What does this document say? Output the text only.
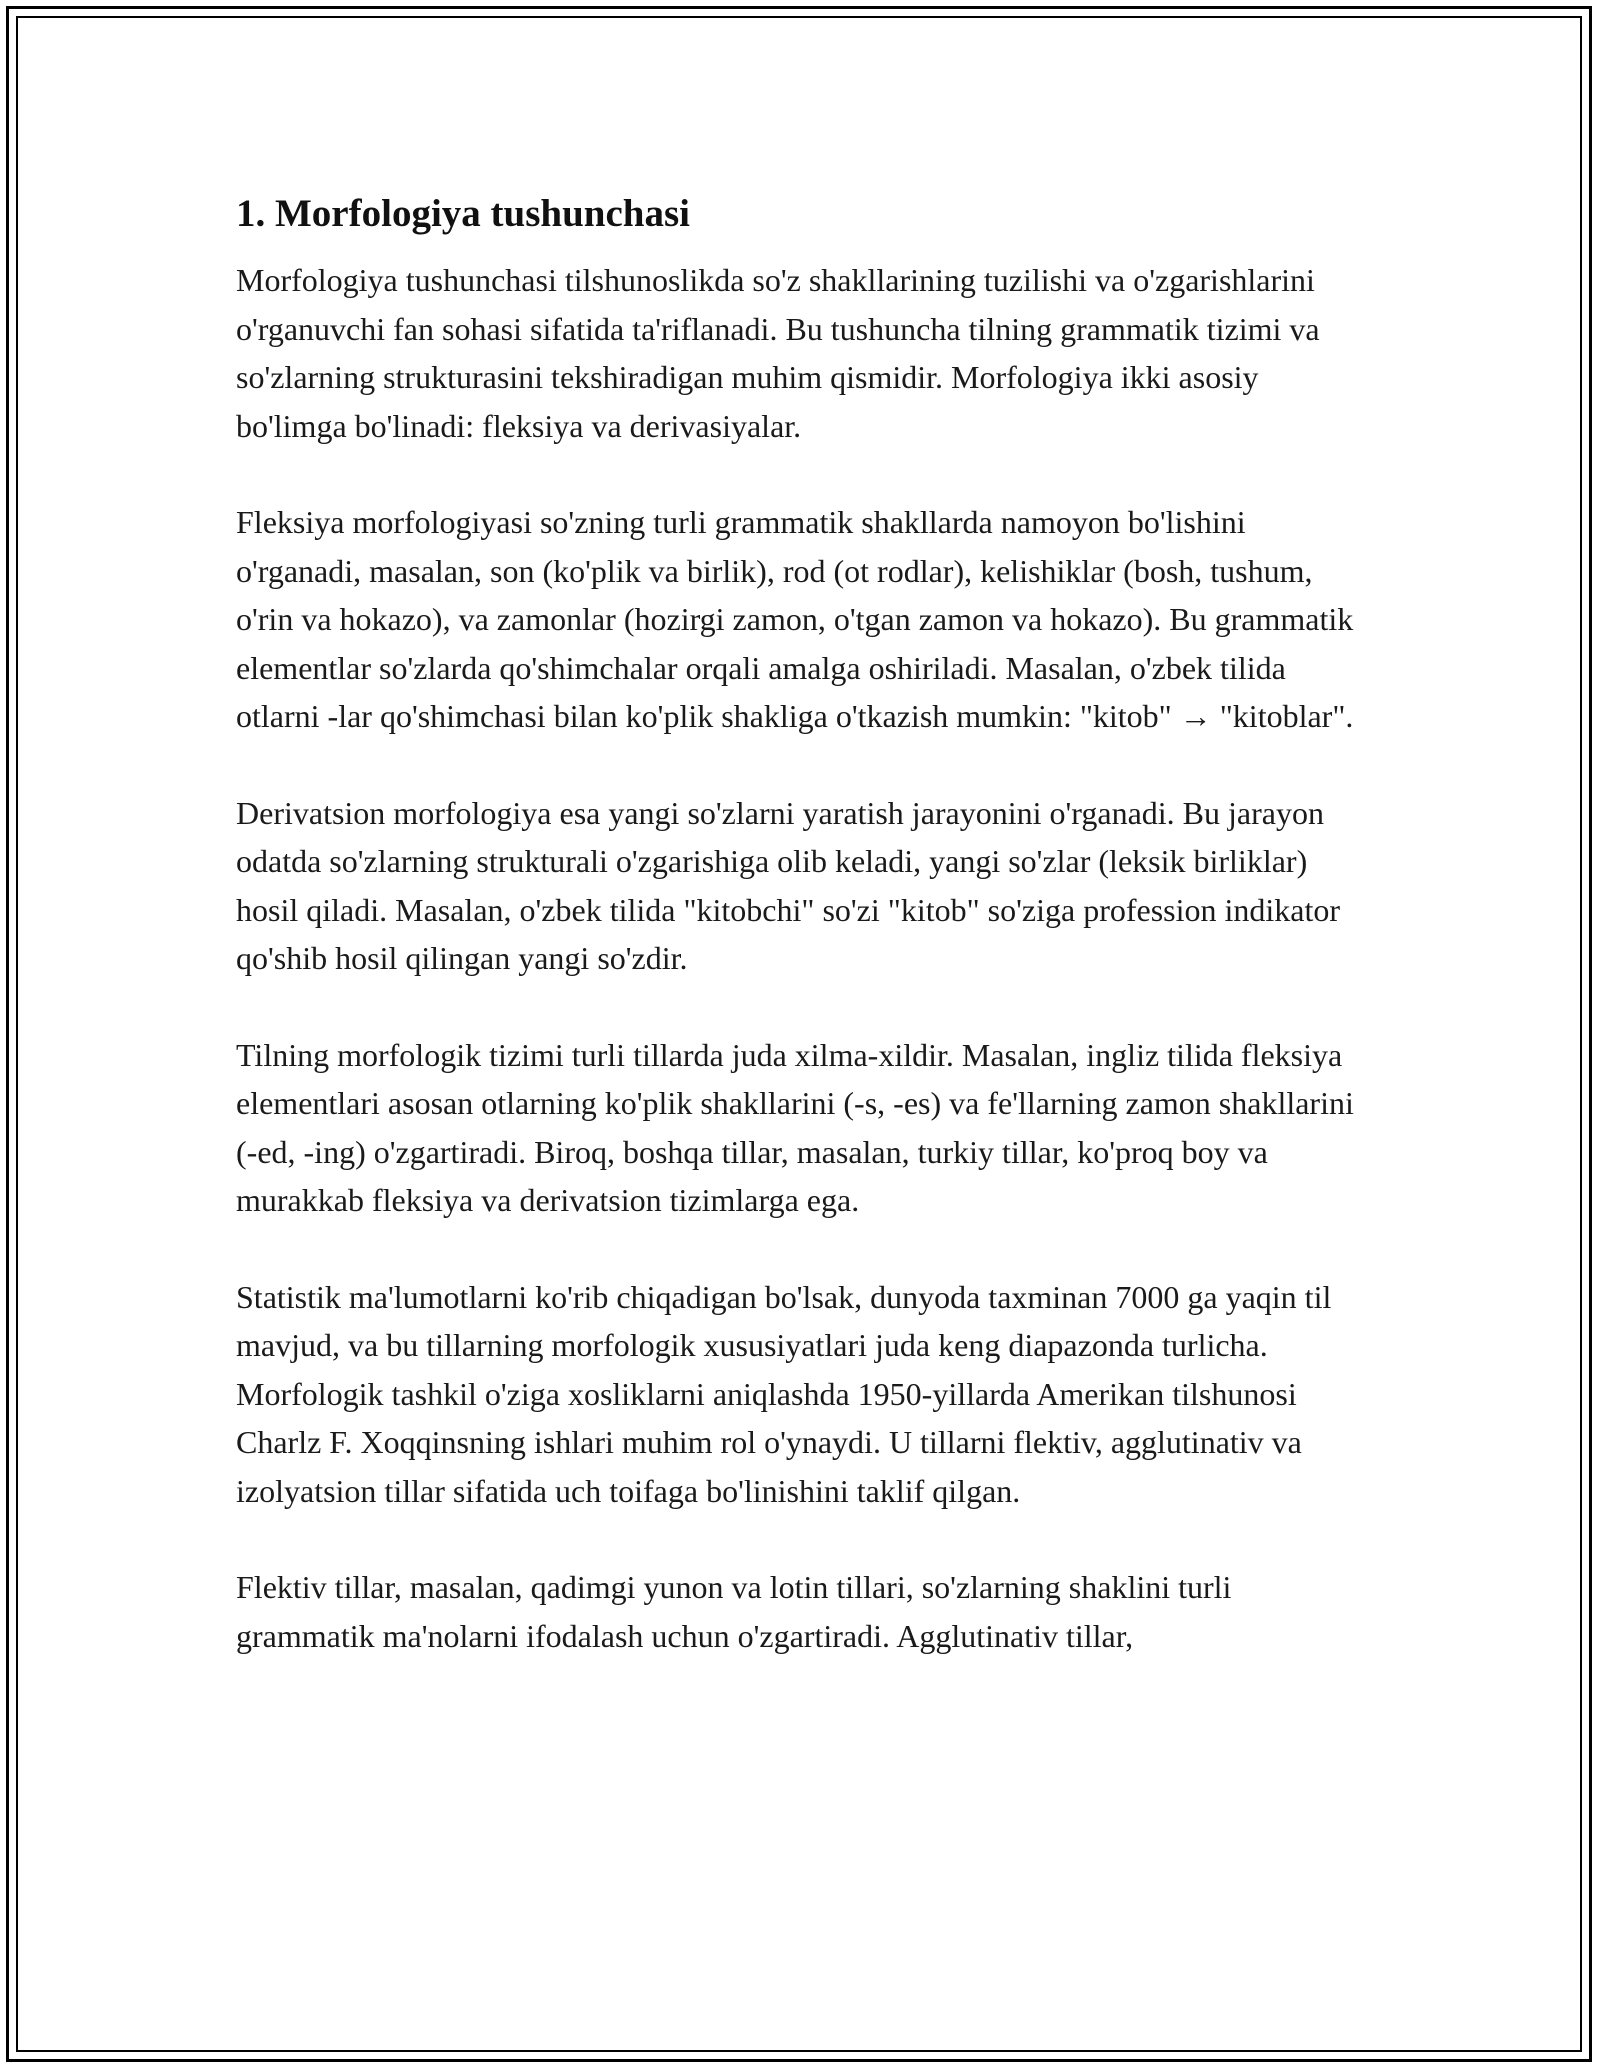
1. Morfologiya tushunchasi

Morfologiya tushunchasi tilshunoslikda so'z shakllarining tuzilishi va o'zgarishlarini o'rganuvchi fan sohasi sifatida ta'riflanadi. Bu tushuncha tilning grammatik tizimi va so'zlarning strukturasini tekshiradigan muhim qismidir. Morfologiya ikki asosiy bo'limga bo'linadi: fleksiya va derivasiyalar.

Fleksiya morfologiyasi so'zning turli grammatik shakllarda namoyon bo'lishini o'rganadi, masalan, son (ko'plik va birlik), rod (ot rodlar), kelishiklar (bosh, tushum, o'rin va hokazo), va zamonlar (hozirgi zamon, o'tgan zamon va hokazo). Bu grammatik elementlar so'zlarda qo'shimchalar orqali amalga oshiriladi. Masalan, o'zbek tilida otlarni -lar qo'shimchasi bilan ko'plik shakliga o'tkazish mumkin: "kitob" → "kitoblar".

Derivatsion morfologiya esa yangi so'zlarni yaratish jarayonini o'rganadi. Bu jarayon odatda so'zlarning strukturali o'zgarishiga olib keladi, yangi so'zlar (leksik birliklar) hosil qiladi. Masalan, o'zbek tilida "kitobchi" so'zi "kitob" so'ziga profession indikator qo'shib hosil qilingan yangi so'zdir.

Tilning morfologik tizimi turli tillarda juda xilma-xildir. Masalan, ingliz tilida fleksiya elementlari asosan otlarning ko'plik shakllarini (-s, -es) va fe'llarning zamon shakllarini (-ed, -ing) o'zgartiradi. Biroq, boshqa tillar, masalan, turkiy tillar, ko'proq boy va murakkab fleksiya va derivatsion tizimlarga ega.

Statistik ma'lumotlarni ko'rib chiqadigan bo'lsak, dunyoda taxminan 7000 ga yaqin til mavjud, va bu tillarning morfologik xususiyatlari juda keng diapazonda turlicha. Morfologik tashkil o'ziga xosliklarni aniqlashda 1950-yillarda Amerikan tilshunosi Charlz F. Xoqqinsning ishlari muhim rol o'ynaydi. U tillarni flektiv, agglutinativ va izolyatsion tillar sifatida uch toifaga bo'linishini taklif qilgan.

Flektiv tillar, masalan, qadimgi yunon va lotin tillari, so'zlarning shaklini turli grammatik ma'nolarni ifodalash uchun o'zgartiradi. Agglutinativ tillar,
